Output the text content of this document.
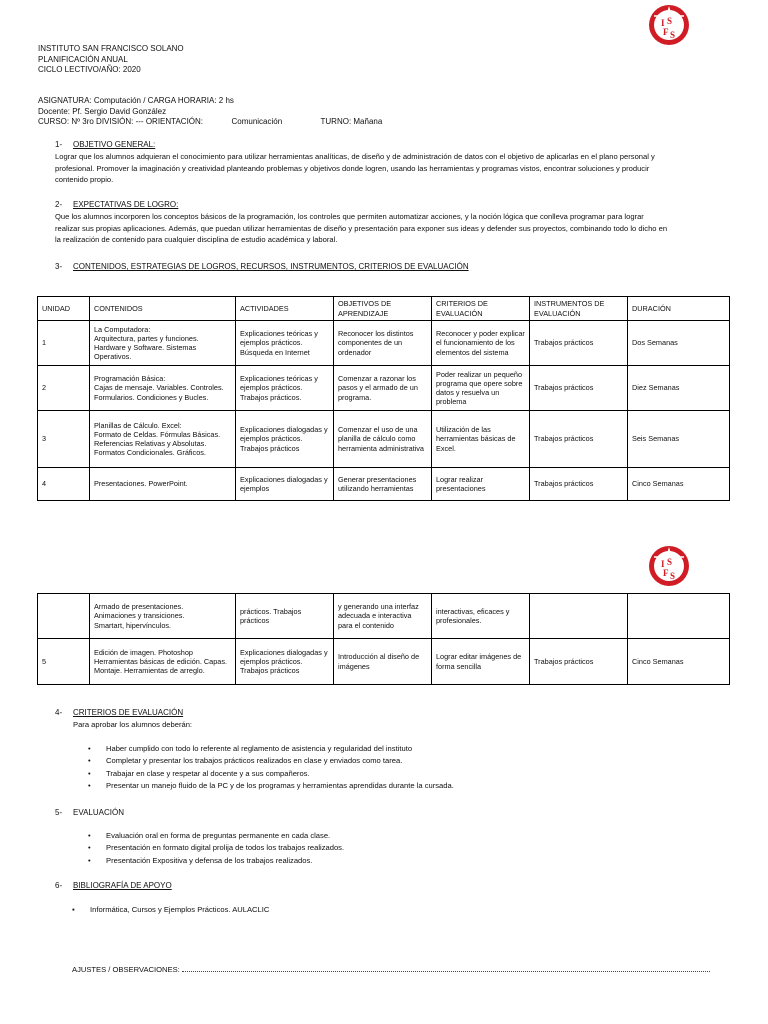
I S
F S
I S
F S
INSTITUTO SAN FRANCISCO SOLANO
PLANIFICACIÓN ANUAL
CICLO LECTIVO/AÑO: 2020
ASIGNATURA: Computación / CARGA HORARIA: 2 hs
Docente: Pf. Sergio David González
CURSO: Nº 3ro DIVISIÓN: --- ORIENTACIÓN:	Comunicación	TURNO: Mañana
1- OBJETIVO GENERAL:
Lograr que los alumnos adquieran el conocimiento para utilizar herramientas analíticas, de diseño y de administración de datos con el objetivo de aplicarlas en el plano personal y
profesional. Promover la imaginación y creatividad planteando problemas y objetivos donde logren, usando las herramientas y programas vistos, encontrar soluciones y producir
contenido propio.
2- EXPECTATIVAS DE LOGRO:
Que los alumnos incorporen los conceptos básicos de la programación, los controles que permiten automatizar acciones, y la noción lógica que conlleva programar para lograr
realizar sus propias aplicaciones. Además, que puedan utilizar herramientas de diseño y presentación para exponer sus ideas y defender sus proyectos, combinando todo lo dicho en
la realización de contenido para cualquier disciplina de estudio académica y laboral.
3- CONTENIDOS, ESTRATEGIAS DE LOGROS, RECURSOS, INSTRUMENTOS, CRITERIOS DE EVALUACIÓN
UNIDAD	CONTENIDOS	ACTIVIDADES	OBJETIVOS DE APRENDIZAJE	CRITERIOS DE EVALUACIÓN	INSTRUMENTOS DE EVALUACIÓN	DURACIÓN
1	La Computadora:
Arquitectura, partes y funciones. Hardware y Software. Sistemas Operativos.	Explicaciones teóricas y ejemplos prácticos. Búsqueda en Internet	Reconocer los distintos componentes de un ordenador	Reconocer y poder explicar el funcionamiento de los elementos del sistema	Trabajos prácticos	Dos Semanas
2	Programación Básica:
Cajas de mensaje. Variables. Controles. Formularios. Condiciones y Bucles.	Explicaciones teóricas y ejemplos prácticos. Trabajos prácticos.	Comenzar a razonar los pasos y el armado de un programa.	Poder realizar un pequeño programa que opere sobre datos y resuelva un problema	Trabajos prácticos	Diez Semanas
3	Planillas de Cálculo. Excel:
Formato de Celdas. Fórmulas Básicas. Referencias Relativas y Absolutas. Formatos Condicionales. Gráficos.	Explicaciones dialogadas y ejemplos prácticos. Trabajos prácticos	Comenzar el uso de una planilla de cálculo como herramienta administrativa	Utilización de las herramientas básicas de Excel.	Trabajos prácticos	Seis Semanas
4	Presentaciones. PowerPoint.	Explicaciones dialogadas y ejemplos	Generar presentaciones utilizando herramientas	Lograr realizar presentaciones	Trabajos prácticos	Cinco Semanas
	Armado de presentaciones.
Animaciones y transiciones.
Smartart, hipervínculos.	prácticos. Trabajos prácticos	y generando una interfaz adecuada e interactiva para el contenido	interactivas, eficaces y profesionales.		
5	Edición de imagen. Photoshop
Herramientas básicas de edición. Capas. Montaje. Herramientas de arreglo.	Explicaciones dialogadas y ejemplos prácticos. Trabajos prácticos	Introducción al diseño de imágenes	Lograr editar imágenes de forma sencilla	Trabajos prácticos	Cinco Semanas
4- CRITERIOS DE EVALUACIÓN
Para aprobar los alumnos deberán:
• Haber cumplido con todo lo referente al reglamento de asistencia y regularidad del instituto
• Completar y presentar los trabajos prácticos realizados en clase y enviados como tarea.
• Trabajar en clase y respetar al docente y a sus compañeros.
• Presentar un manejo fluido de la PC y de los programas y herramientas aprendidas durante la cursada.
5- EVALUACIÓN
• Evaluación oral en forma de preguntas permanente en cada clase.
• Presentación en formato digital prolija de todos los trabajos realizados.
• Presentación Expositiva y defensa de los trabajos realizados.
6- BIBLIOGRAFÍA DE APOYO
▪ Informática, Cursos y Ejemplos Prácticos. AULACLIC
AJUSTES / OBSERVACIONES:
